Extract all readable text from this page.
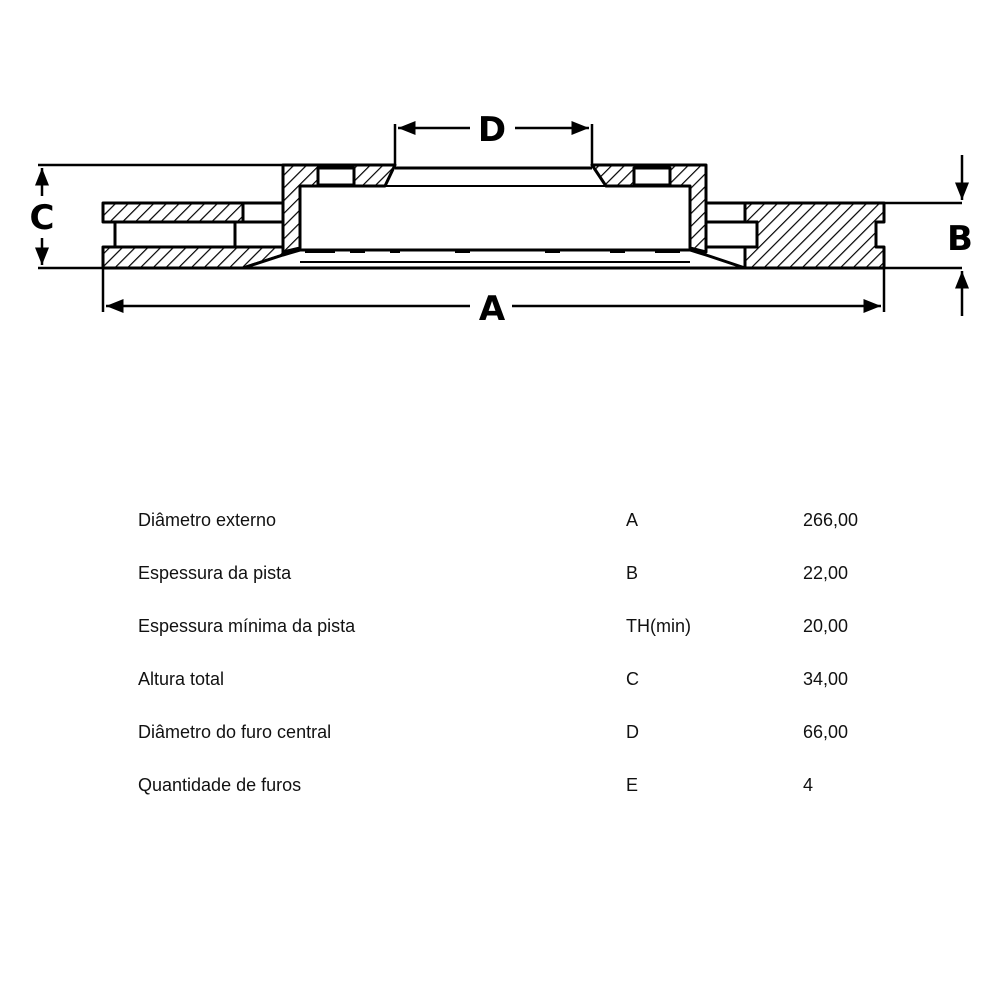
D
C
B
A
Diâmetro externo	A	266,00
Espessura da pista	B	22,00
Espessura mínima da pista	TH(min)	20,00
Altura total	C	34,00
Diâmetro do furo central	D	66,00
Quantidade de furos	E	4
